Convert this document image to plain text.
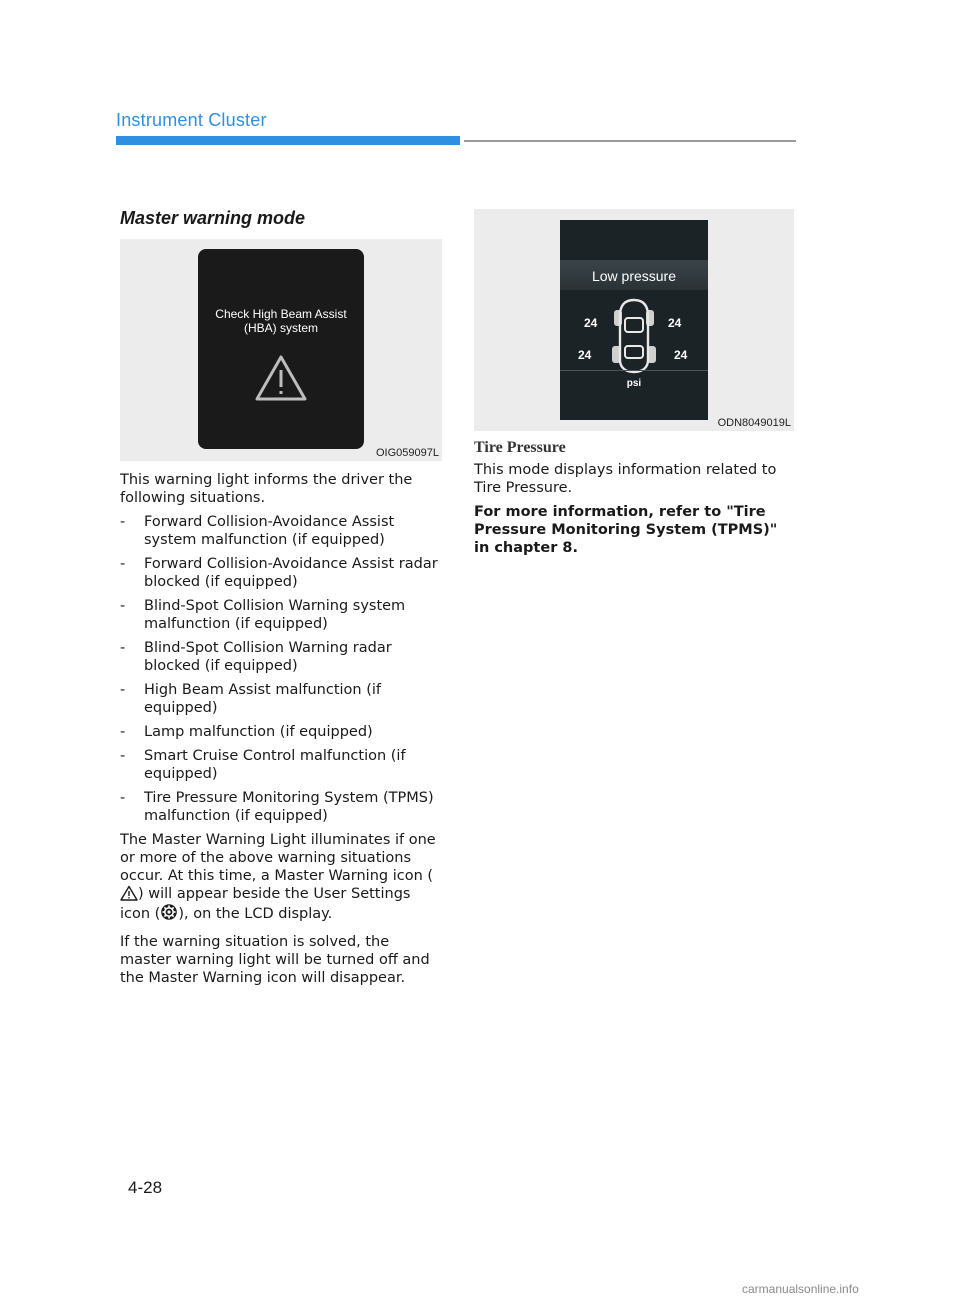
Instrument Cluster
Master warning mode
Check High Beam Assist
(HBA) system
OIG059097L

This warning light informs the driver the following situations.

- Forward Collision-Avoidance Assist system malfunction (if equipped)
- Forward Collision-Avoidance Assist radar blocked (if equipped)
- Blind-Spot Collision Warning system malfunction (if equipped)
- Blind-Spot Collision Warning radar blocked (if equipped)
- High Beam Assist malfunction (if equipped)
- Lamp malfunction (if equipped)
- Smart Cruise Control malfunction (if equipped)
- Tire Pressure Monitoring System (TPMS) malfunction (if equipped)

The Master Warning Light illuminates if one or more of the above warning situations occur. At this time, a Master Warning icon () will appear beside the User Settings icon ( ), on the LCD display.

If the warning situation is solved, the master warning light will be turned off and the Master Warning icon will disappear.

Low pressure
24	24
24	24
psi
ODN8049019L
Tire Pressure

This mode displays information related to Tire Pressure.

For more information, refer to "Tire Pressure Monitoring System (TPMS)" in chapter 8.

4-28
carmanualsonline.info
